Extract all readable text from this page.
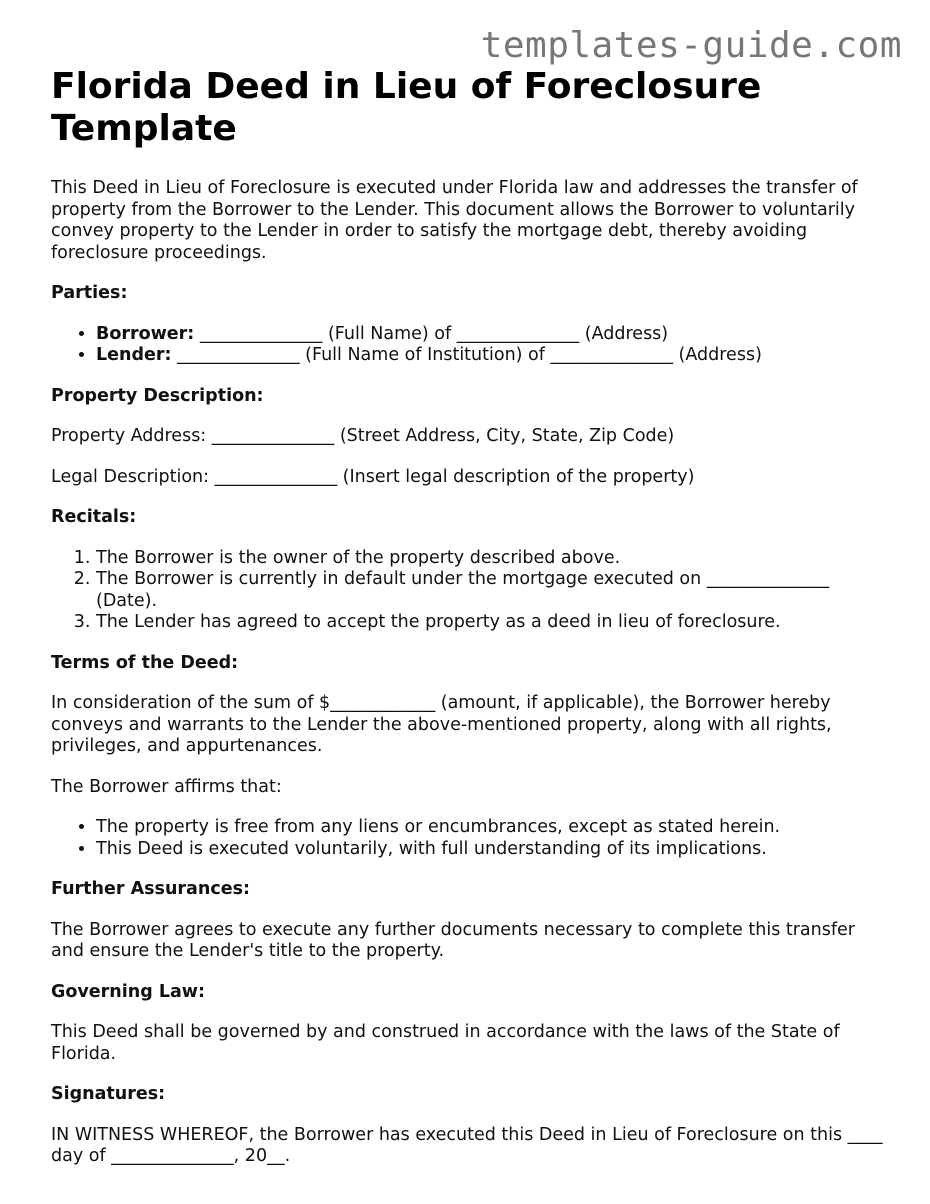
templates-guide.com
Florida Deed in Lieu of Foreclosure Template

This Deed in Lieu of Foreclosure is executed under Florida law and addresses the transfer of property from the Borrower to the Lender. This document allows the Borrower to voluntarily convey property to the Lender in order to satisfy the mortgage debt, thereby avoiding foreclosure proceedings.

Parties:
• Borrower: ______________ (Full Name) of ______________ (Address)
• Lender: ______________ (Full Name of Institution) of ______________ (Address)
Property Description:

Property Address: ______________ (Street Address, City, State, Zip Code)

Legal Description: ______________ (Insert legal description of the property)

Recitals:
1. The Borrower is the owner of the property described above.
2. The Borrower is currently in default under the mortgage executed on ______________ (Date).
3. The Lender has agreed to accept the property as a deed in lieu of foreclosure.
Terms of the Deed:

In consideration of the sum of $____________ (amount, if applicable), the Borrower hereby conveys and warrants to the Lender the above-mentioned property, along with all rights, privileges, and appurtenances.

The Borrower affirms that:

• The property is free from any liens or encumbrances, except as stated herein.
• This Deed is executed voluntarily, with full understanding of its implications.
Further Assurances:

The Borrower agrees to execute any further documents necessary to complete this transfer and ensure the Lender's title to the property.

Governing Law:

This Deed shall be governed by and construed in accordance with the laws of the State of Florida.

Signatures:

IN WITNESS WHEREOF, the Borrower has executed this Deed in Lieu of Foreclosure on this ____ day of ______________, 20__.
